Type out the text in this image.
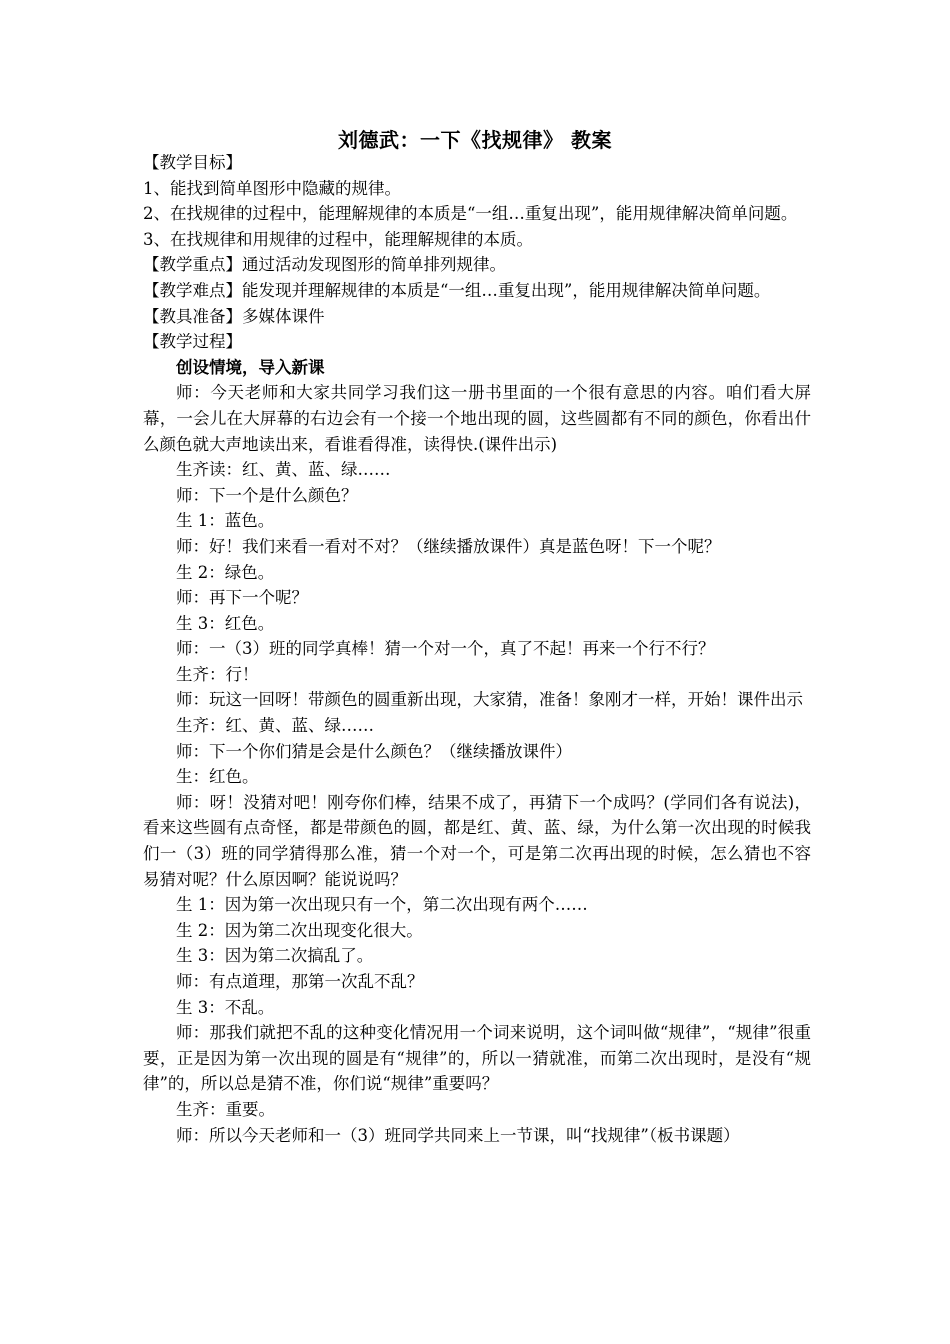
刘德武：一下《找规律》 教案

【教学目标】

1、能找到简单图形中隐藏的规律。

2、在找规律的过程中，能理解规律的本质是“一组…重复出现”，能用规律解决简单问题。

3、在找规律和用规律的过程中，能理解规律的本质。

【教学重点】通过活动发现图形的简单排列规律。

【教学难点】能发现并理解规律的本质是“一组…重复出现”，能用规律解决简单问题。

【教具准备】多媒体课件

【教学过程】

创设情境，导入新课

师：今天老师和大家共同学习我们这一册书里面的一个很有意思的内容。咱们看大屏幕，一会儿在大屏幕的右边会有一个接一个地出现的圆，这些圆都有不同的颜色，你看出什么颜色就大声地读出来，看谁看得准，读得快.(课件出示)

生齐读：红、黄、蓝、绿……

师：下一个是什么颜色？

生 1：蓝色。

师：好！我们来看一看对不对？（继续播放课件）真是蓝色呀！下一个呢？

生 2：绿色。

师：再下一个呢？

生 3：红色。

师：一（3）班的同学真棒！猜一个对一个，真了不起！再来一个行不行？

生齐：行！

师：玩这一回呀！带颜色的圆重新出现，大家猜，准备！象刚才一样，开始！课件出示

生齐：红、黄、蓝、绿……

师：下一个你们猜是会是什么颜色？（继续播放课件）

生：红色。

师：呀！没猜对吧！刚夸你们棒，结果不成了，再猜下一个成吗？(学同们各有说法)，看来这些圆有点奇怪，都是带颜色的圆，都是红、黄、蓝、绿，为什么第一次出现的时候我们一（3）班的同学猜得那么准，猜一个对一个，可是第二次再出现的时候，怎么猜也不容易猜对呢？什么原因啊？能说说吗？

生 1：因为第一次出现只有一个，第二次出现有两个……

生 2：因为第二次出现变化很大。

生 3：因为第二次搞乱了。

师：有点道理，那第一次乱不乱？

生 3：不乱。

师：那我们就把不乱的这种变化情况用一个词来说明，这个词叫做“规律”，“规律”很重要，正是因为第一次出现的圆是有“规律”的，所以一猜就准，而第二次出现时，是没有“规律”的，所以总是猜不准，你们说“规律”重要吗？

生齐：重要。

师：所以今天老师和一（3）班同学共同来上一节课，叫“找规律”（板书课题）
